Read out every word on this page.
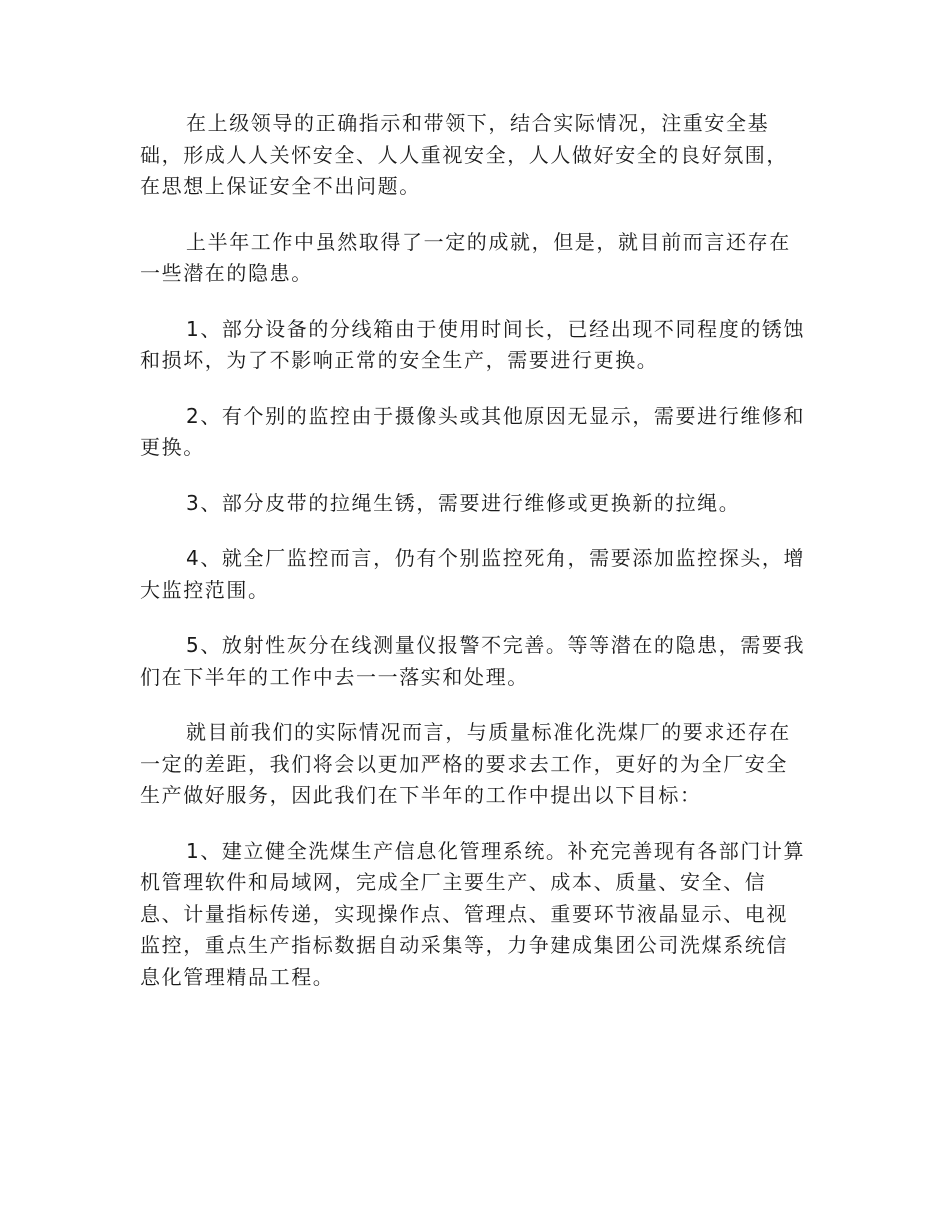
在上级领导的正确指示和带领下，结合实际情况，注重安全基
础，形成人人关怀安全、人人重视安全，人人做好安全的良好氛围，
在思想上保证安全不出问题。
上半年工作中虽然取得了一定的成就，但是，就目前而言还存在
一些潜在的隐患。
1、部分设备的分线箱由于使用时间长，已经出现不同程度的锈蚀
和损坏，为了不影响正常的安全生产，需要进行更换。
2、有个别的监控由于摄像头或其他原因无显示，需要进行维修和
更换。
3、部分皮带的拉绳生锈，需要进行维修或更换新的拉绳。
4、就全厂监控而言，仍有个别监控死角，需要添加监控探头，增
大监控范围。
5、放射性灰分在线测量仪报警不完善。等等潜在的隐患，需要我
们在下半年的工作中去一一落实和处理。
就目前我们的实际情况而言，与质量标准化洗煤厂的要求还存在
一定的差距，我们将会以更加严格的要求去工作，更好的为全厂安全
生产做好服务，因此我们在下半年的工作中提出以下目标：
1、建立健全洗煤生产信息化管理系统。补充完善现有各部门计算
机管理软件和局域网，完成全厂主要生产、成本、质量、安全、信
息、计量指标传递，实现操作点、管理点、重要环节液晶显示、电视
监控，重点生产指标数据自动采集等，力争建成集团公司洗煤系统信
息化管理精品工程。
